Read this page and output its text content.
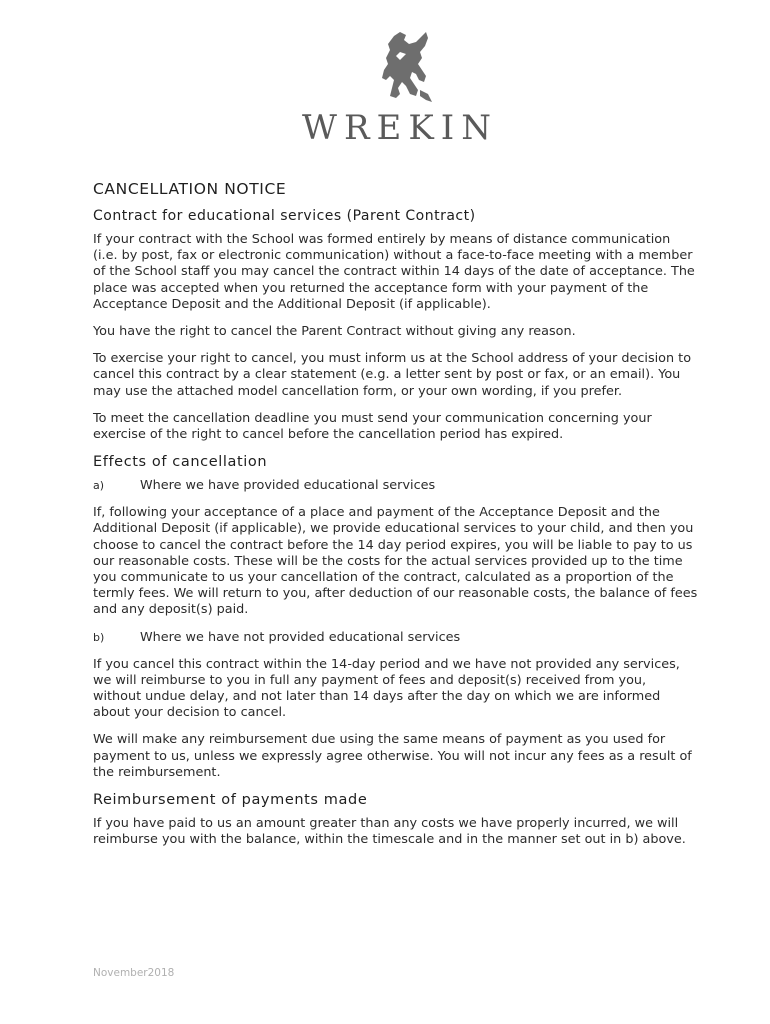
WREKIN
CANCELLATION NOTICE
Contract for educational services (Parent Contract)

If your contract with the School was formed entirely by means of distance communication (i.e. by post, fax or electronic communication) without a face-to-face meeting with a member of the School staff you may cancel the contract within 14 days of the date of acceptance. The place was accepted when you returned the acceptance form with your payment of the Acceptance Deposit and the Additional Deposit (if applicable).

You have the right to cancel the Parent Contract without giving any reason.

To exercise your right to cancel, you must inform us at the School address of your decision to cancel this contract by a clear statement (e.g. a letter sent by post or fax, or an email). You may use the attached model cancellation form, or your own wording, if you prefer.

To meet the cancellation deadline you must send your communication concerning your exercise of the right to cancel before the cancellation period has expired.

Effects of cancellation
a)	Where we have provided educational services

If, following your acceptance of a place and payment of the Acceptance Deposit and the Additional Deposit (if applicable), we provide educational services to your child, and then you choose to cancel the contract before the 14 day period expires, you will be liable to pay to us our reasonable costs. These will be the costs for the actual services provided up to the time you communicate to us your cancellation of the contract, calculated as a proportion of the termly fees. We will return to you, after deduction of our reasonable costs, the balance of fees and any deposit(s) paid.

b)	Where we have not provided educational services

If you cancel this contract within the 14-day period and we have not provided any services, we will reimburse to you in full any payment of fees and deposit(s) received from you, without undue delay, and not later than 14 days after the day on which we are informed about your decision to cancel.

We will make any reimbursement due using the same means of payment as you used for payment to us, unless we expressly agree otherwise. You will not incur any fees as a result of the reimbursement.

Reimbursement of payments made

If you have paid to us an amount greater than any costs we have properly incurred, we will reimburse you with the balance, within the timescale and in the manner set out in b) above.

November2018
